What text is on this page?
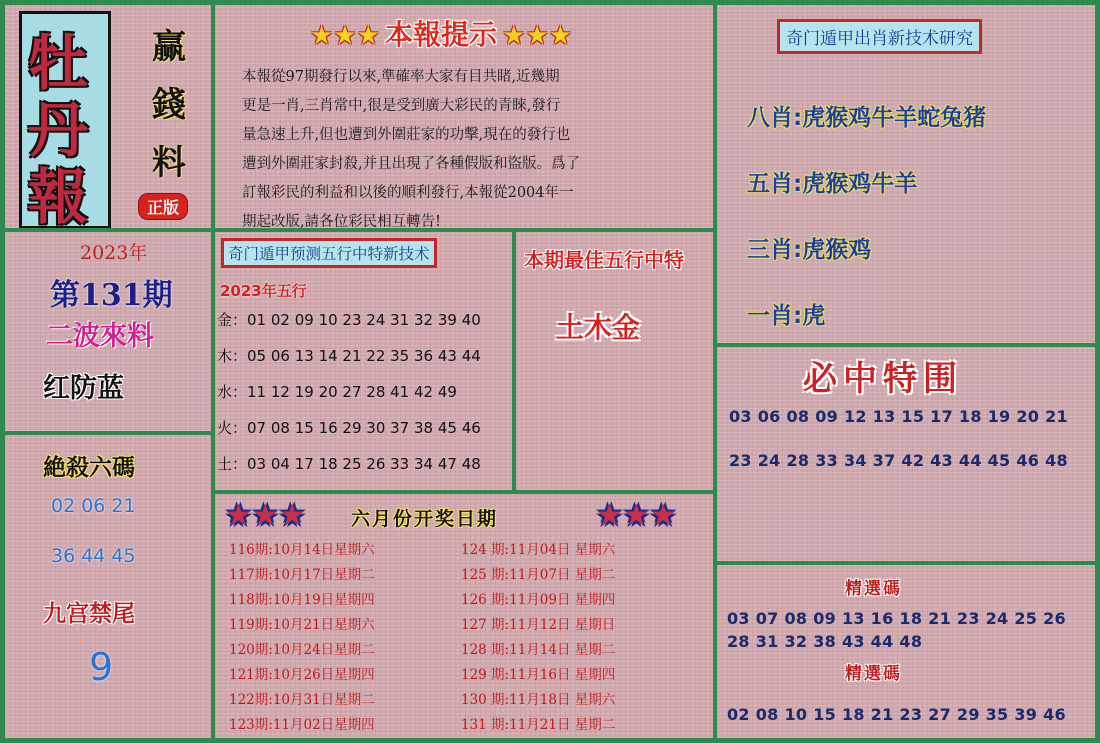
牡
丹
報
赢
錢
料
正版
★★★ 本報提示 ★★★
本報從97期發行以來,準確率大家有目共睹,近幾期
更是一肖,三肖常中,很是受到廣大彩民的青睞,發行
量急速上升,但也遭到外圍莊家的功擊,現在的發行也
遭到外圍莊家封殺,并且出現了各種假版和盜版。爲了
訂報彩民的利益和以後的順利發行,本報從2004年一
期起改版,請各位彩民相互轉告!
奇门遁甲出肖新技术研究
八肖:虎猴鸡牛羊蛇兔猪
五肖:虎猴鸡牛羊
三肖:虎猴鸡
一肖:虎
2023年
第131期
二波來料
红防蓝
奇门遁甲预测五行中特新技术
2023年五行
金：01 02 09 10 23 24 31 32 39 40
木：05 06 13 14 21 22 35 36 43 44
水：11 12 19 20 27 28 41 42 49
火：07 08 15 16 29 30 37 38 45 46
土：03 04 17 18 25 26 33 34 47 48
本期最佳五行中特
土木金
必中特围
03 06 08 09 12 13 15 17 18 19 20 21
23 24 28 33 34 37 42 43 44 45 46 48
絶殺六碼
02 06 21
36 44 45
九宫禁尾
9
★★★ 六月份开奖日期	★★★
116期:10月14日星期六
117期:10月17日星期二
118期:10月19日星期四
119期:10月21日星期六
120期:10月24日星期二
121期:10月26日星期四
122期:10月31日星期二
123期:11月02日星期四
124 期:11月04日 星期六
125 期:11月07日 星期二
126 期:11月09日 星期四
127 期:11月12日 星期日
128 期:11月14日 星期二
129 期:11月16日 星期四
130 期:11月18日 星期六
131 期:11月21日 星期二
精選碼
03 07 08 09 13 16 18 21 23 24 25 26
28 31 32 38 43 44 48
精選碼
02 08 10 15 18 21 23 27 29 35 39 46
